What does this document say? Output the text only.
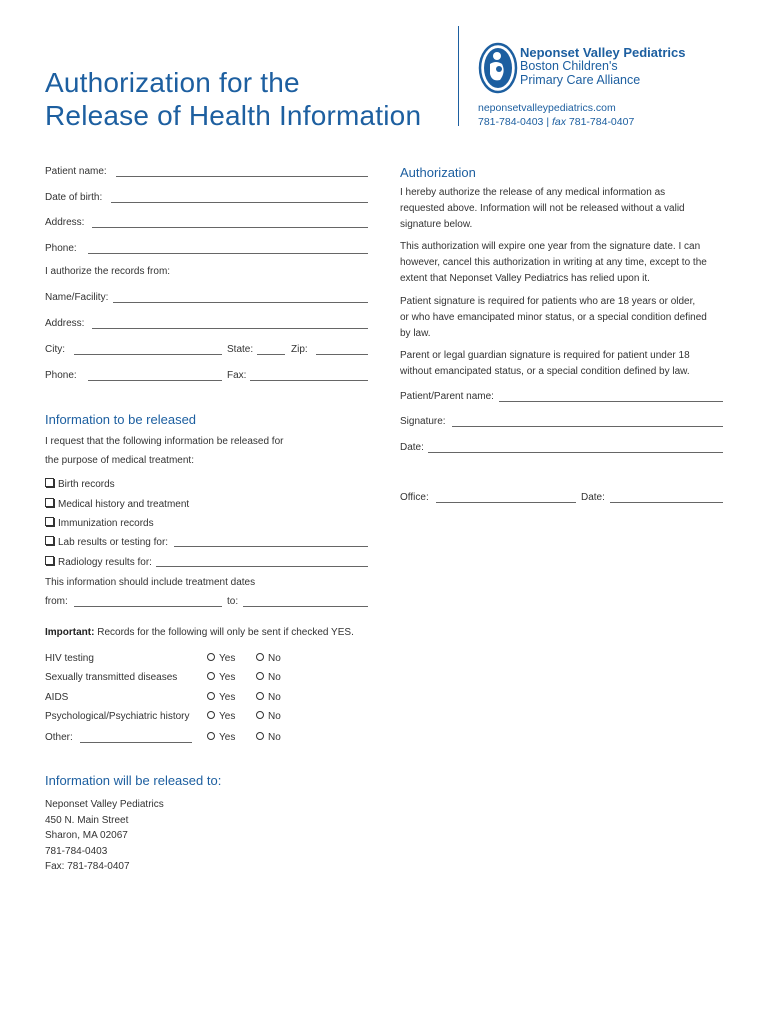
Authorization for the
Release of Health Information
Neponset Valley Pediatrics
Boston Children's
Primary Care Alliance
neponsetvalleypediatrics.com
781-784-0403 | fax 781-784-0407
Patient name:
Date of birth:
Address:
Phone:
I authorize the records from:
Name/Facility:
Address:
City:	State:	Zip:
Phone:	Fax:
Information to be released
I request that the following information be released for
the purpose of medical treatment:
Birth records
Medical history and treatment
Immunization records
Lab results or testing for:
Radiology results for:
This information should include treatment dates
from:	to:
Important: Records for the following will only be sent if checked YES.
HIV testing	Yes	No
Sexually transmitted diseases	Yes	No
AIDS	Yes	No
Psychological/Psychiatric history	Yes	No
Other:	Yes	No
Information will be released to:
Neponset Valley Pediatrics
450 N. Main Street
Sharon, MA 02067
781-784-0403
Fax: 781-784-0407
Authorization
I hereby authorize the release of any medical information as
requested above. Information will not be released without a valid
signature below.
This authorization will expire one year from the signature date. I can
however, cancel this authorization in writing at any time, except to the
extent that Neponset Valley Pediatrics has relied upon it.
Patient signature is required for patients who are 18 years or older,
or who have emancipated minor status, or a special condition defined
by law.
Parent or legal guardian signature is required for patient under 18
without emancipated status, or a special condition defined by law.
Patient/Parent name:
Signature:
Date:
Office:	Date:
